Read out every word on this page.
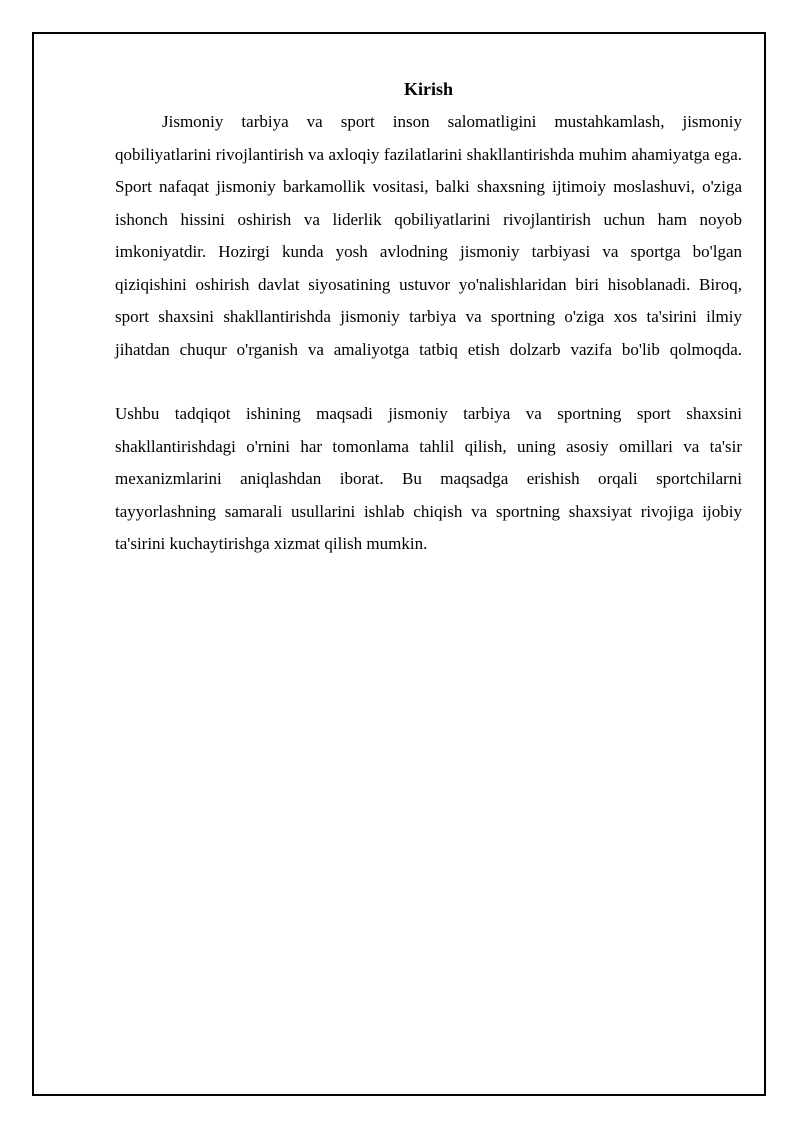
Kirish

Jismoniy tarbiya va sport inson salomatligini mustahkamlash, jismoniy qobiliyatlarini rivojlantirish va axloqiy fazilatlarini shakllantirishda muhim ahamiyatga ega. Sport nafaqat jismoniy barkamollik vositasi, balki shaxsning ijtimoiy moslashuvi, o'ziga ishonch hissini oshirish va liderlik qobiliyatlarini rivojlantirish uchun ham noyob imkoniyatdir. Hozirgi kunda yosh avlodning jismoniy tarbiyasi va sportga bo'lgan qiziqishini oshirish davlat siyosatining ustuvor yo'nalishlaridan biri hisoblanadi. Biroq, sport shaxsini shakllantirishda jismoniy tarbiya va sportning o'ziga xos ta'sirini ilmiy jihatdan chuqur o'rganish va amaliyotga tatbiq etish dolzarb vazifa bo'lib qolmoqda.

Ushbu tadqiqot ishining maqsadi jismoniy tarbiya va sportning sport shaxsini shakllantirishdagi o'rnini har tomonlama tahlil qilish, uning asosiy omillari va ta'sir mexanizmlarini aniqlashdan iborat. Bu maqsadga erishish orqali sportchilarni tayyorlashning samarali usullarini ishlab chiqish va sportning shaxsiyat rivojiga ijobiy ta'sirini kuchaytirishga xizmat qilish mumkin.
